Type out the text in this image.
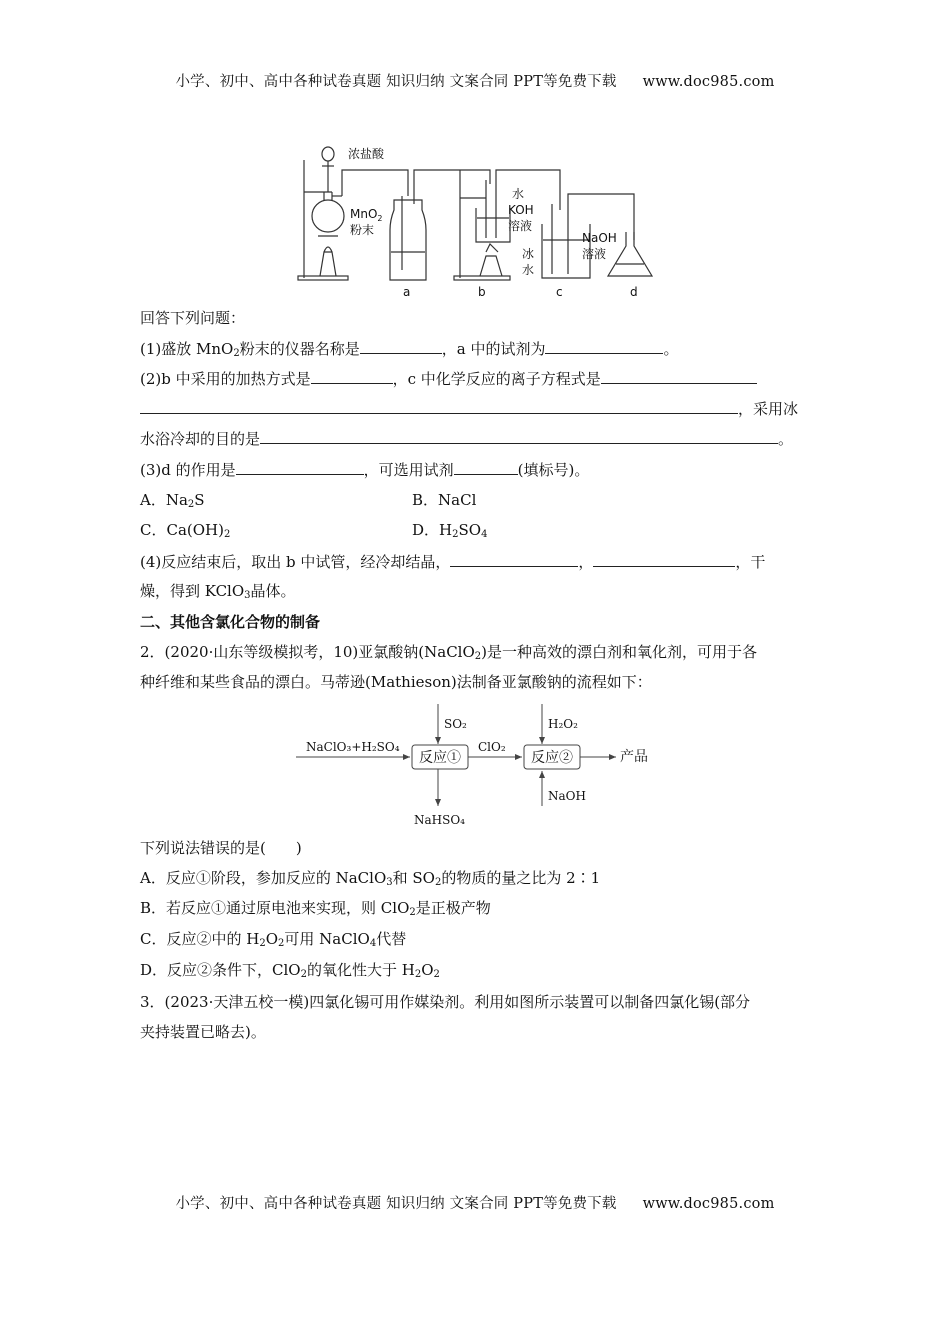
小学、初中、高中各种试卷真题 知识归纳 文案合同 PPT等免费下载 www.doc985.com
浓盐酸
MnO$_2$
粉末
水
KOH
溶液
冰
水
NaOH
溶液
a	b	c	d
回答下列问题：
(1)盛放 MnO$_2$粉末的仪器名称是	，a 中的试剂为	。
(2)b 中采用的加热方式是	，c 中化学反应的离子方程式是
，采用冰
水浴冷却的目的是	。
(3)d 的作用是	，可选用试剂	(填标号)。
A．$Na_2S$	B．NaCl
C．$Ca(OH)_2$	D．$H_2SO_4$
(4)反应结束后，取出 b 中试管，经冷却结晶，	，	，干
燥，得到 KClO$_3$晶体。
二、其他含氯化合物的制备
2．(2020·山东等级模拟考，10)亚氯酸钠(NaClO$_2$)是一种高效的漂白剂和氧化剂，可用于各
种纤维和某些食品的漂白。马蒂逊(Mathieson)法制备亚氯酸钠的流程如下：
NaClO₃+H₂SO₄
SO₂
反应①
ClO₂
反应②
H₂O₂
NaOH
产品
NaHSO₄
下列说法错误的是(　　)
A．反应①阶段，参加反应的 NaClO$_3$和 $SO_2$的物质的量之比为 2∶1
B．若反应①通过原电池来实现，则 ClO$_2$是正极产物
C．反应②中的 $H_2O_2$可用 NaClO$_4$代替
D．反应②条件下，ClO$_2$的氧化性大于 $H_2O_2$
3．(2023·天津五校一模)四氯化锡可用作媒染剂。利用如图所示装置可以制备四氯化锡(部分
夹持装置已略去)。
小学、初中、高中各种试卷真题 知识归纳 文案合同 PPT等免费下载 www.doc985.com
